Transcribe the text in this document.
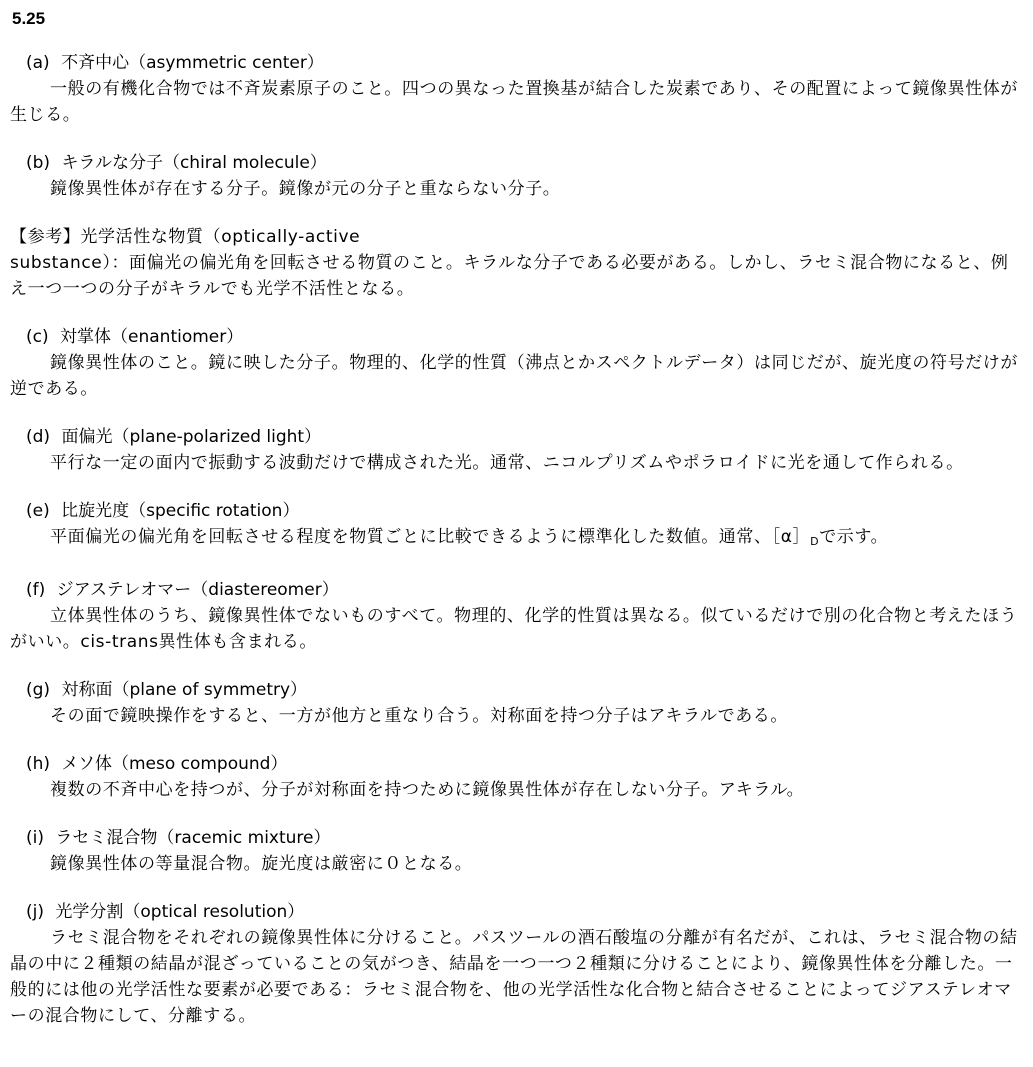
5.25
(a) 不斉中心（asymmetric center）
一般の有機化合物では不斉炭素原子のこと。四つの異なった置換基が結合した炭素であり、その配置によって鏡像異性体が生じる。
(b) キラルな分子（chiral molecule）
鏡像異性体が存在する分子。鏡像が元の分子と重ならない分子。
【参考】光学活性な物質（optically-active
substance）：面偏光の偏光角を回転させる物質のこと。キラルな分子である必要がある。しかし、ラセミ混合物になると、例え一つ一つの分子がキラルでも光学不活性となる。
(c) 対掌体（enantiomer）
鏡像異性体のこと。鏡に映した分子。物理的、化学的性質（沸点とかスペクトルデータ）は同じだが、旋光度の符号だけが逆である。
(d) 面偏光（plane-polarized light）
平行な一定の面内で振動する波動だけで構成された光。通常、ニコルプリズムやポラロイドに光を通して作られる。
(e) 比旋光度（specific rotation）
平面偏光の偏光角を回転させる程度を物質ごとに比較できるように標準化した数値。通常、$[\alpha]_D$で示す。
(f) ジアステレオマー（diastereomer）
立体異性体のうち、鏡像異性体でないものすべて。物理的、化学的性質は異なる。似ているだけで別の化合物と考えたほうがいい。cis-trans異性体も含まれる。
(g) 対称面（plane of symmetry）
その面で鏡映操作をすると、一方が他方と重なり合う。対称面を持つ分子はアキラルである。
(h) メソ体（meso compound）
複数の不斉中心を持つが、分子が対称面を持つために鏡像異性体が存在しない分子。アキラル。
(i) ラセミ混合物（racemic mixture）
鏡像異性体の等量混合物。旋光度は厳密に０となる。
(j) 光学分割（optical resolution）
ラセミ混合物をそれぞれの鏡像異性体に分けること。パスツールの酒石酸塩の分離が有名だが、これは、ラセミ混合物の結晶の中に２種類の結晶が混ざっていることの気がつき、結晶を一つ一つ２種類に分けることにより、鏡像異性体を分離した。一般的には他の光学活性な要素が必要である：ラセミ混合物を、他の光学活性な化合物と結合させることによってジアステレオマーの混合物にして、分離する。
